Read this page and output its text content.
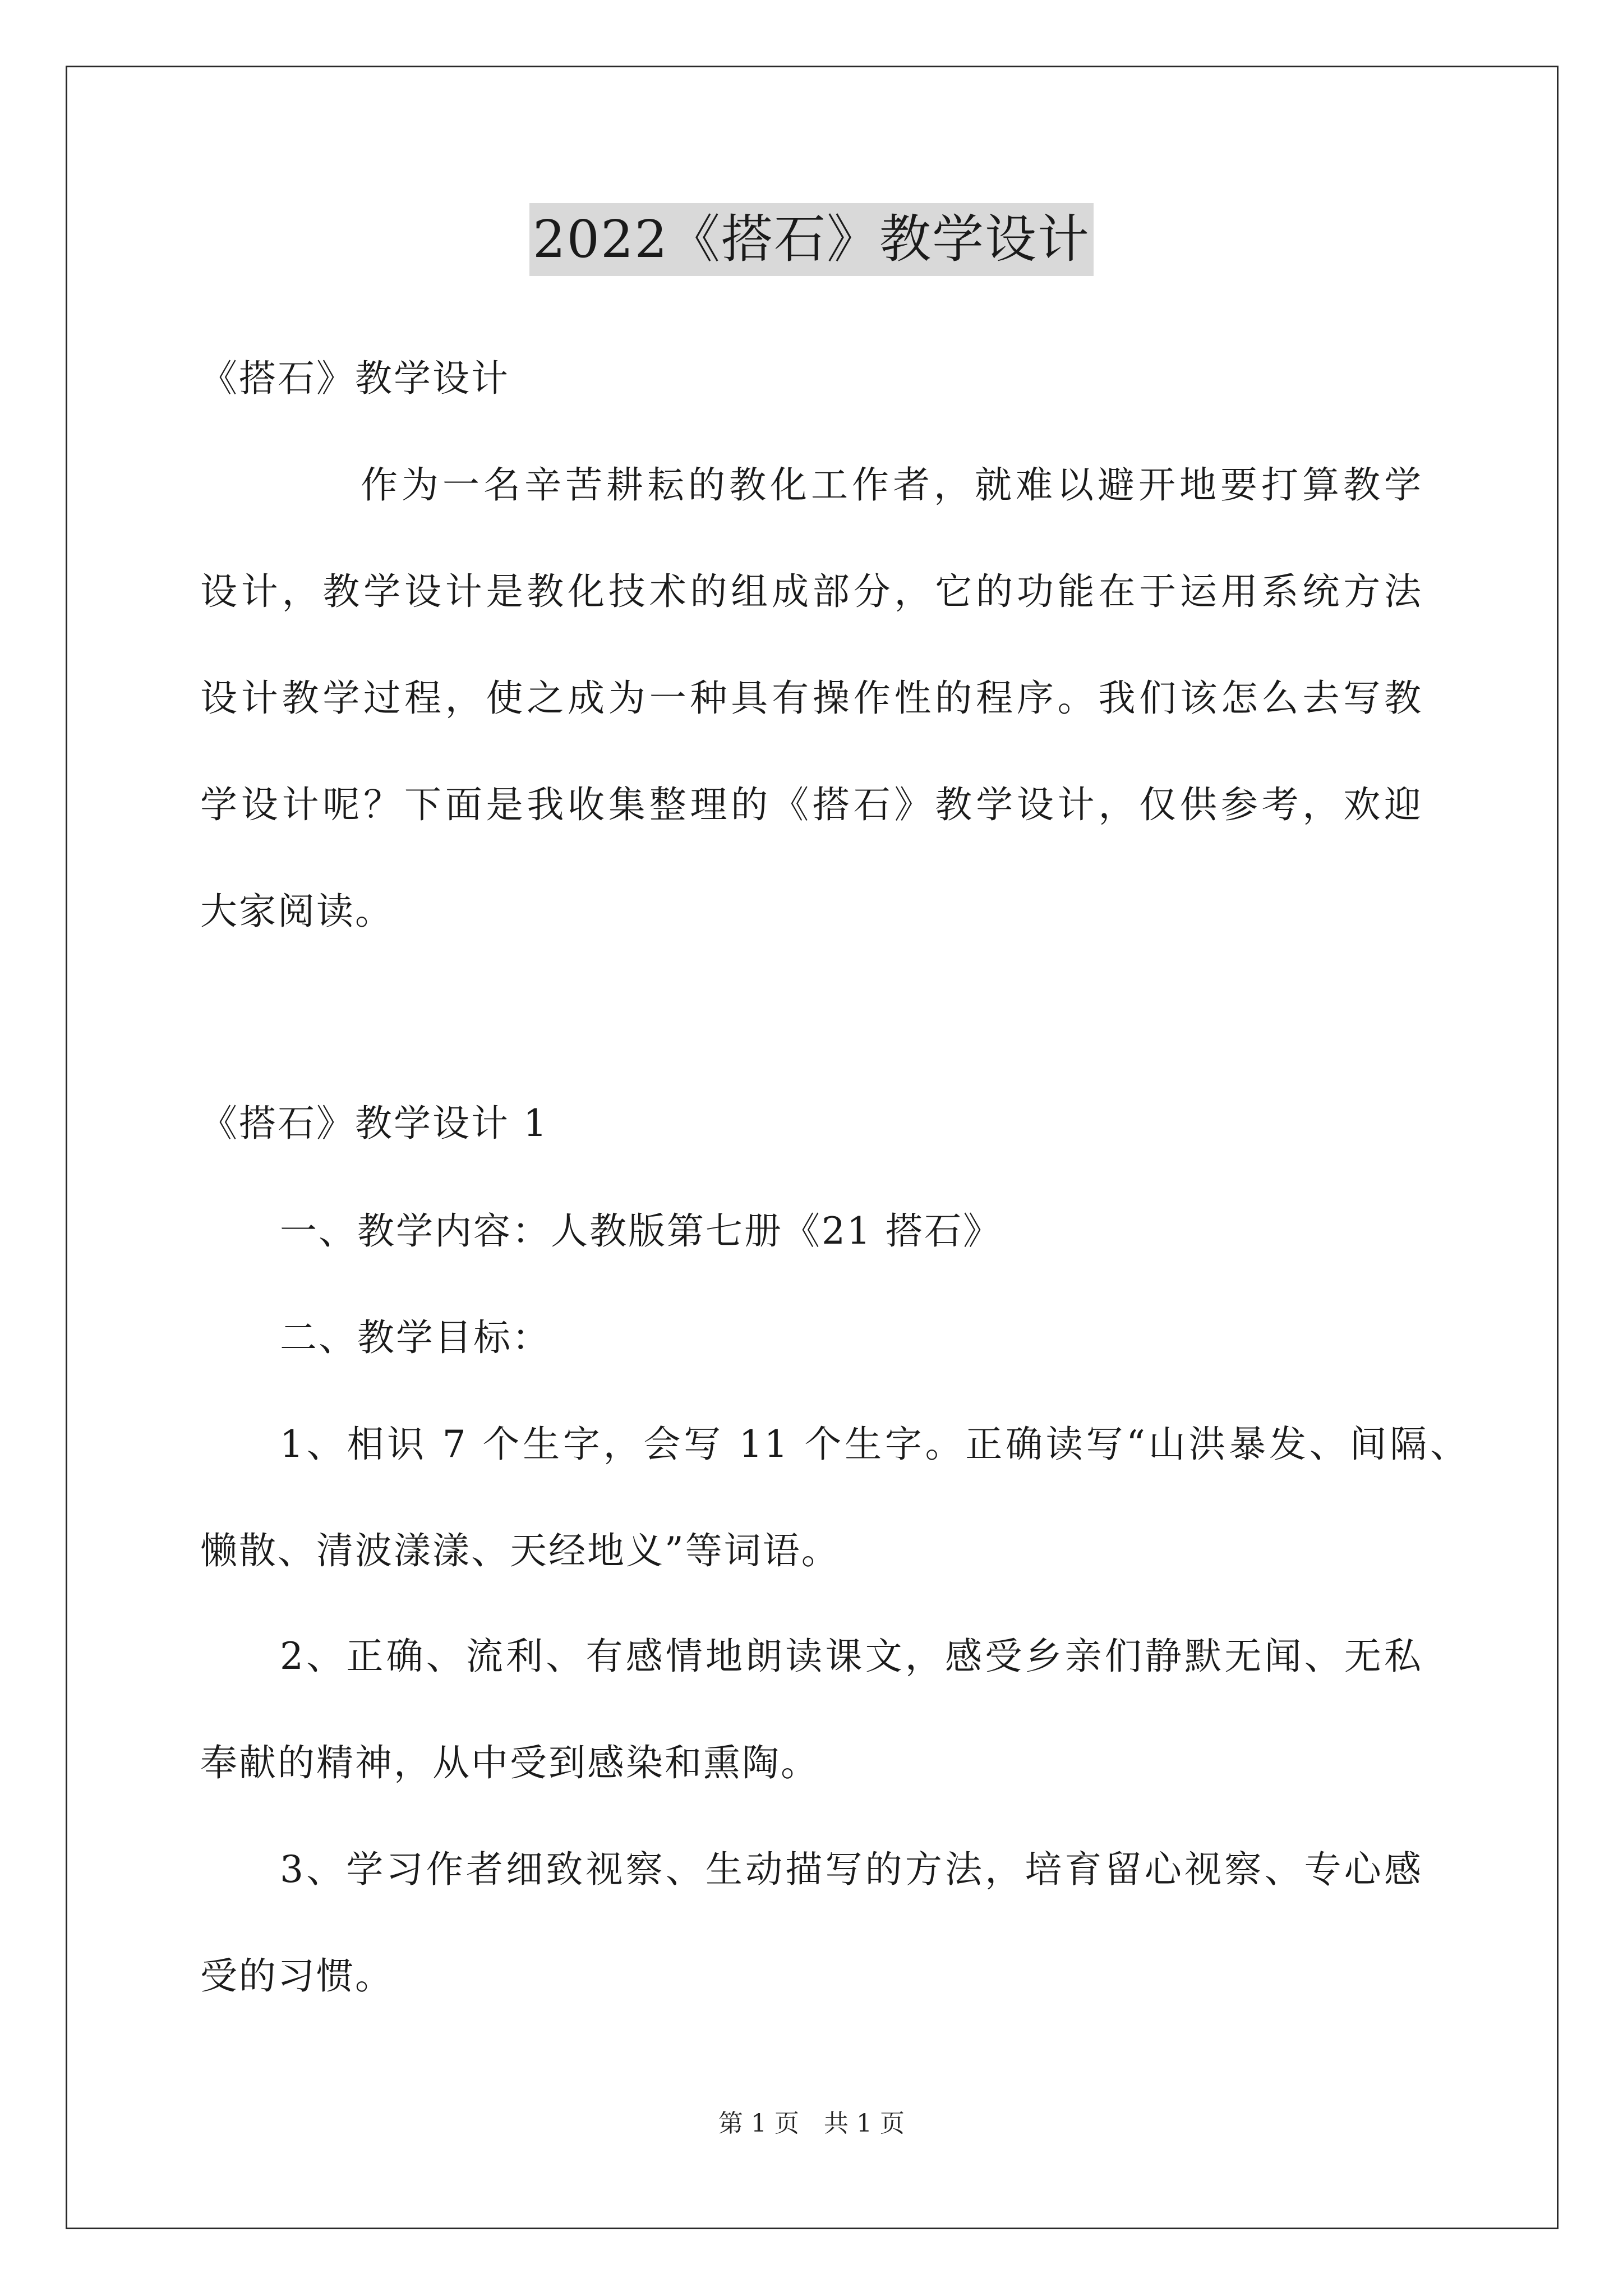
2022《搭石》教学设计
《搭石》教学设计
作为一名辛苦耕耘的教化工作者，就难以避开地要打算教学
设计，教学设计是教化技术的组成部分，它的功能在于运用系统方法
设计教学过程，使之成为一种具有操作性的程序。我们该怎么去写教
学设计呢？下面是我收集整理的《搭石》教学设计，仅供参考，欢迎
大家阅读。
《搭石》教学设计 1
一、教学内容：人教版第七册《21 搭石》
二、教学目标：
1、相识 7 个生字，会写 11 个生字。正确读写“山洪暴发、间隔、
懒散、清波漾漾、天经地义”等词语。
2、正确、流利、有感情地朗读课文，感受乡亲们静默无闻、无私
奉献的精神，从中受到感染和熏陶。
3、学习作者细致视察、生动描写的方法，培育留心视察、专心感
受的习惯。
第 1 页　共 1 页
